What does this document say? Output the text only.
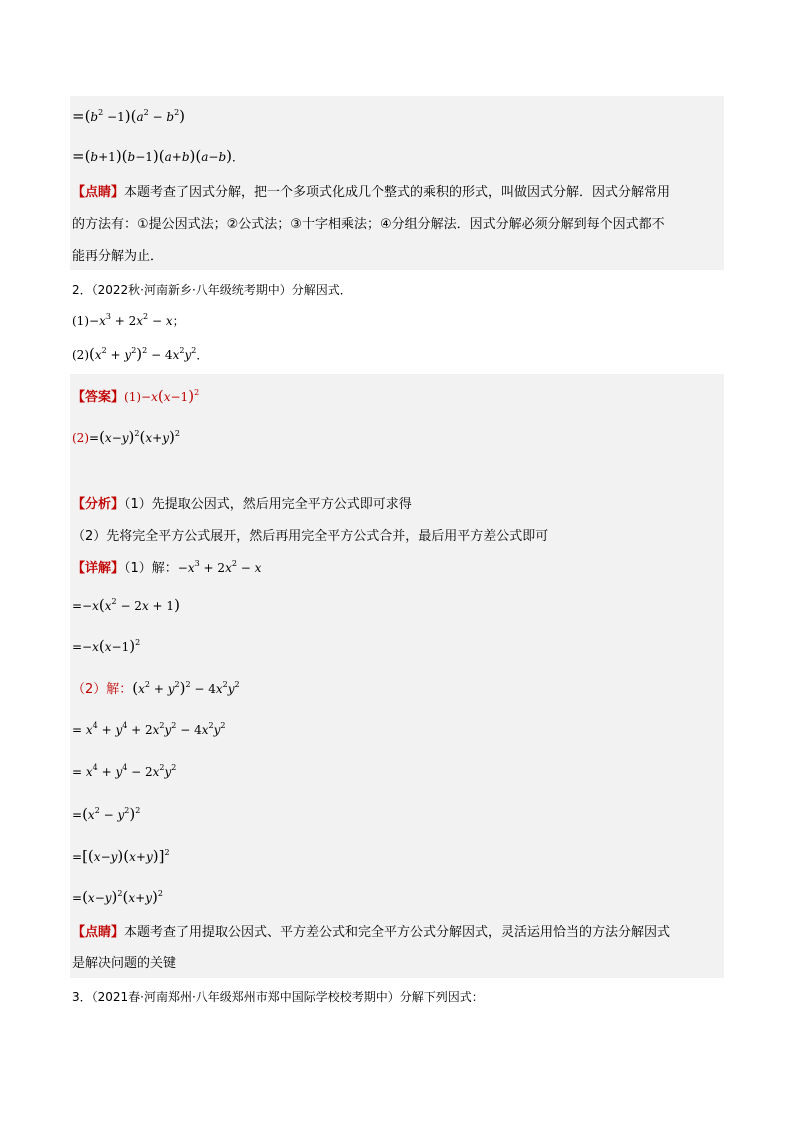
$=(b^2 -1)(a^2 - b^2)$
=(b+1)(b−1)(a+b)(a−b)．
【点睛】本题考查了因式分解，把一个多项式化成几个整式的乘积的形式，叫做因式分解．因式分解常用
的方法有：①提公因式法；②公式法；③十字相乘法；④分组分解法．因式分解必须分解到每个因式都不
能再分解为止．
2．（2022秋·河南新乡·八年级统考期中）分解因式．
$(1)-x^3 + 2x^2 - x$；
$(2)(x^2 + y^2)^2 - 4x^2y^2$．
【答案】$(1)-x(x-1)^2$
$(2)=(x-y)^2(x+y)^2$
【分析】（1）先提取公因式，然后用完全平方公式即可求得
（2）先将完全平方公式展开，然后再用完全平方公式合并，最后用平方差公式即可
【详解】（1）解：$-x^3 + 2x^2 - x$
$=-x(x^2 - 2x + 1)$
$=-x(x-1)^2$
（2）解：$(x^2 + y^2)^2 - 4x^2y^2$
= $x^4 + y^4 + 2x^2y^2 - 4x^2y^2$
= $x^4 + y^4 - 2x^2y^2$
$=(x^2 - y^2)^2$
$=[(x-y)(x+y)]^2$
$=(x-y)^2(x+y)^2$
【点睛】本题考查了用提取公因式、平方差公式和完全平方公式分解因式，灵活运用恰当的方法分解因式
是解决问题的关键
3．（2021春·河南郑州·八年级郑州市郑中国际学校校考期中）分解下列因式：
